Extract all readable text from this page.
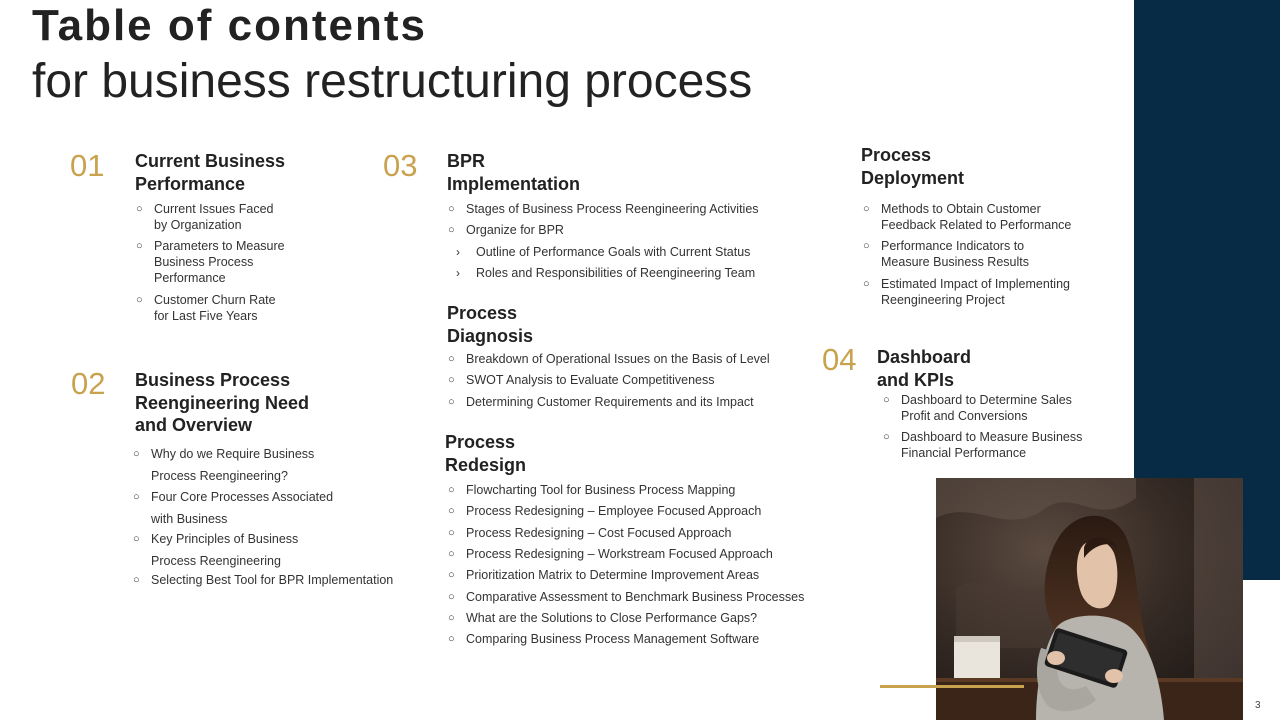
Table of contents
for business restructuring process
01 Current Business
Performance
○ Current Issues Faced
by Organization
○ Parameters to Measure
Business Process
Performance
○ Customer Churn Rate
for Last Five Years
02 Business Process
Reengineering Need
and Overview
○ Why do we Require Business
Process Reengineering?
○ Four Core Processes Associated
with Business
○ Key Principles of Business
Process Reengineering
○ Selecting Best Tool for BPR Implementation
03 BPR
Implementation
○ Stages of Business Process Reengineering Activities
○ Organize for BPR
› Outline of Performance Goals with Current Status
› Roles and Responsibilities of Reengineering Team
Process
Diagnosis
○ Breakdown of Operational Issues on the Basis of Level
○ SWOT Analysis to Evaluate Competitiveness
○ Determining Customer Requirements and its Impact
Process
Redesign
○ Flowcharting Tool for Business Process Mapping
○ Process Redesigning – Employee Focused Approach
○ Process Redesigning – Cost Focused Approach
○ Process Redesigning – Workstream Focused Approach
○ Prioritization Matrix to Determine Improvement Areas
○ Comparative Assessment to Benchmark Business Processes
○ What are the Solutions to Close Performance Gaps?
○ Comparing Business Process Management Software
Process
Deployment
○ Methods to Obtain Customer
Feedback Related to Performance
○ Performance Indicators to
Measure Business Results
○ Estimated Impact of Implementing
Reengineering Project
04 Dashboard
and KPIs
○ Dashboard to Determine Sales
Profit and Conversions
○ Dashboard to Measure Business
Financial Performance
3
